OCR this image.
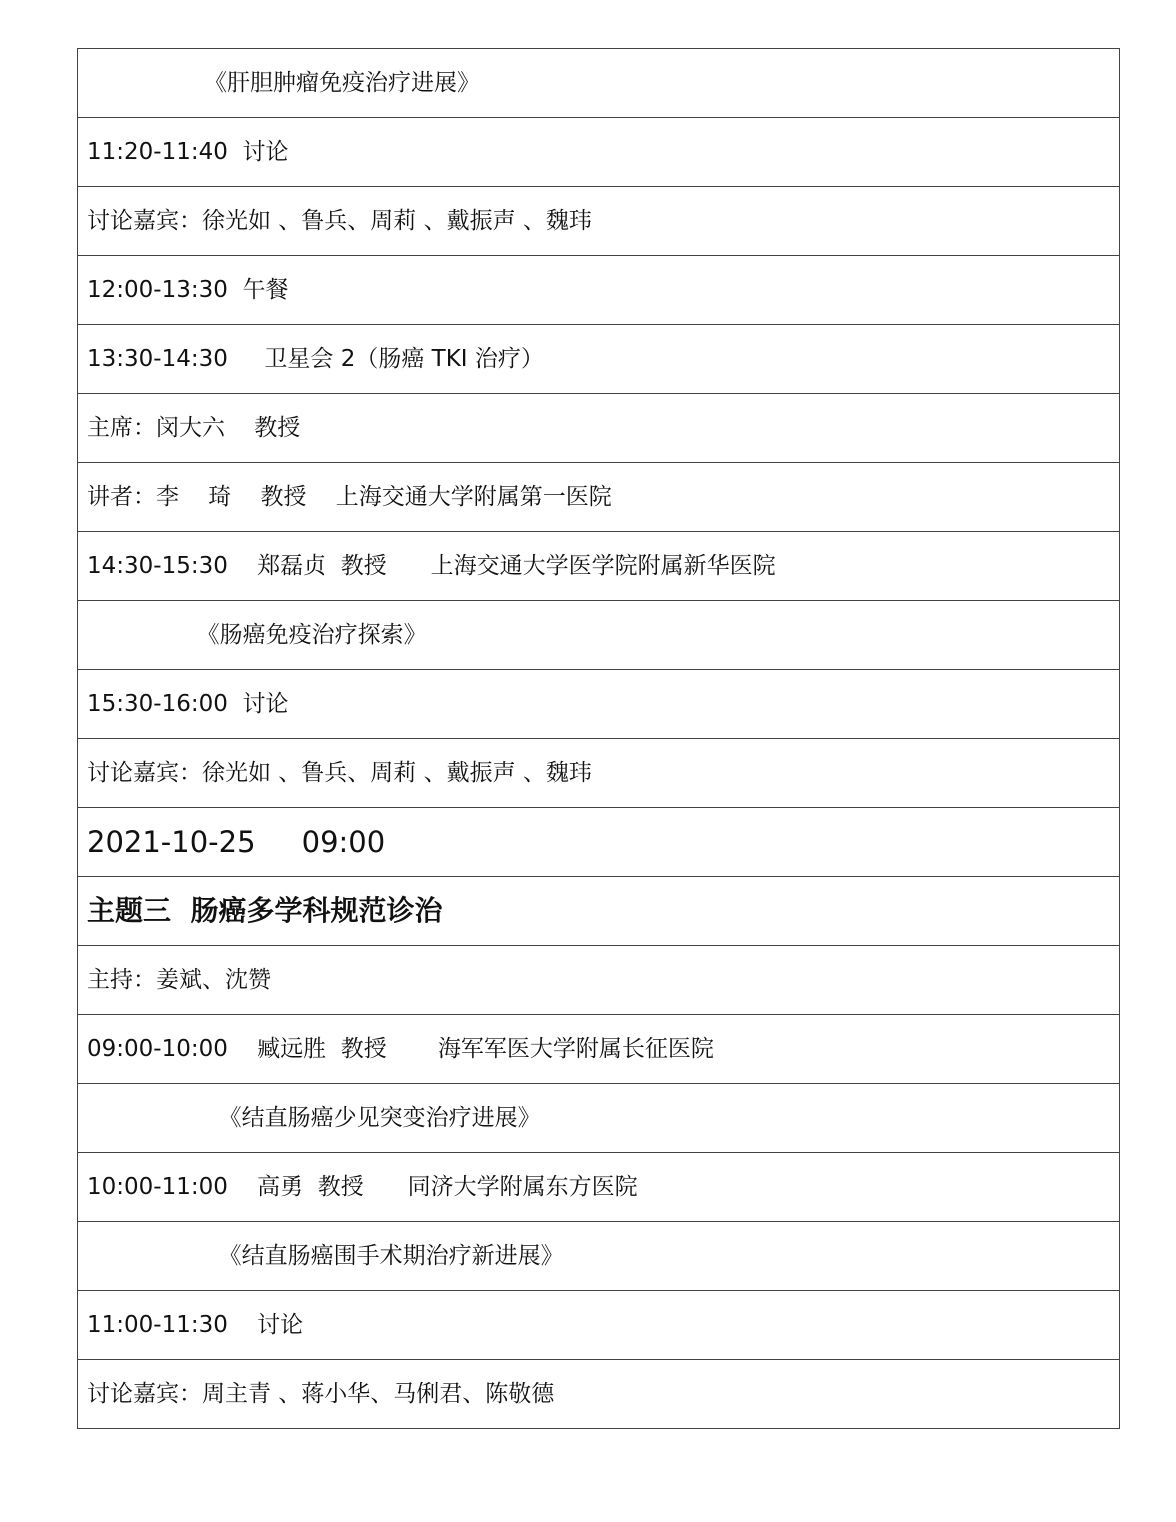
《肝胆肿瘤免疫治疗进展》
11:20-11:40  讨论
讨论嘉宾：徐光如 、鲁兵、周莉 、戴振声 、魏玮
12:00-13:30  午餐
13:30-14:30     卫星会 2（肠癌 TKI 治疗）
主席：闵大六    教授
讲者：李    琦    教授    上海交通大学附属第一医院
14:30-15:30    郑磊贞  教授      上海交通大学医学院附属新华医院
《肠癌免疫治疗探索》
15:30-16:00  讨论
讨论嘉宾：徐光如 、鲁兵、周莉 、戴振声 、魏玮
2021-10-25     09:00
主题三  肠癌多学科规范诊治
主持：姜斌、沈赞
09:00-10:00    臧远胜  教授       海军军医大学附属长征医院
《结直肠癌少见突变治疗进展》
10:00-11:00    高勇  教授      同济大学附属东方医院
《结直肠癌围手术期治疗新进展》
11:00-11:30    讨论
讨论嘉宾：周主青 、蒋小华、马俐君、陈敬德
